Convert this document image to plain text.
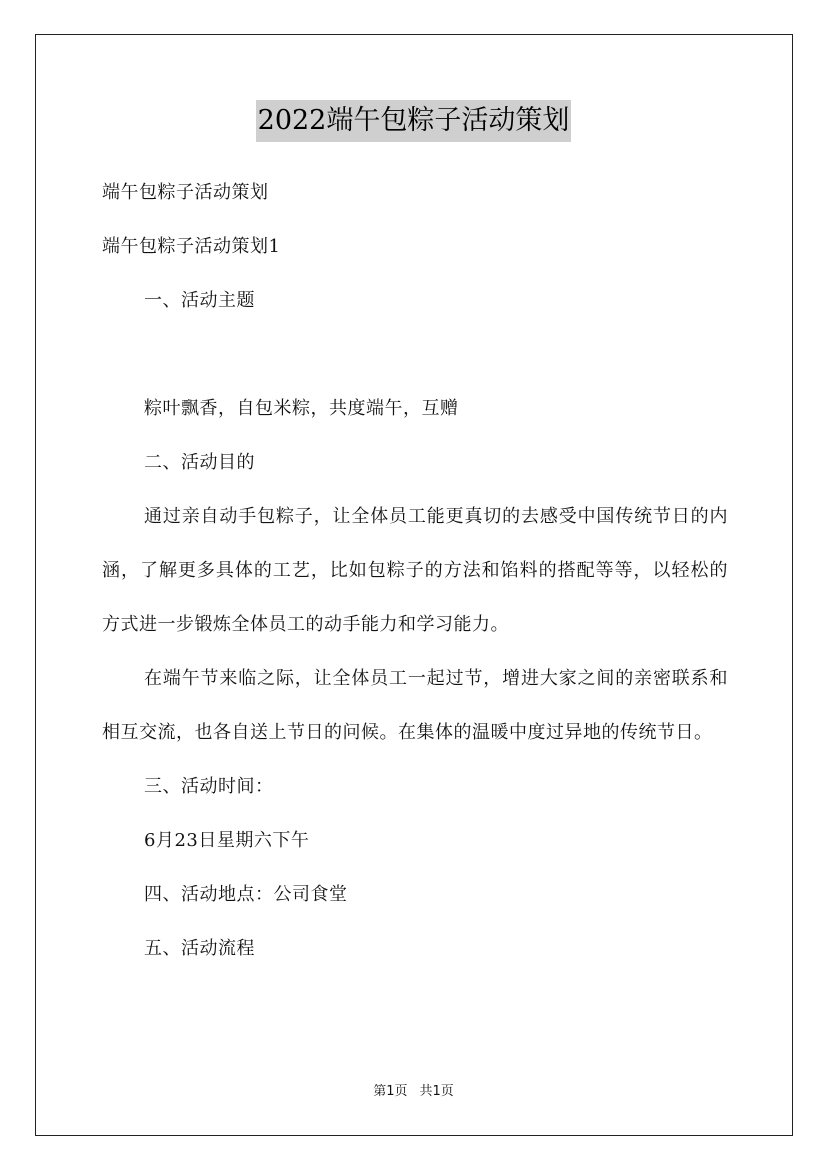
2022端午包粽子活动策划

端午包粽子活动策划

端午包粽子活动策划1

一、活动主题

粽叶飘香，自包米粽，共度端午，互赠

二、活动目的

通过亲自动手包粽子，让全体员工能更真切的去感受中国传统节日的内涵，了解更多具体的工艺，比如包粽子的方法和馅料的搭配等等，以轻松的方式进一步锻炼全体员工的动手能力和学习能力。

在端午节来临之际，让全体员工一起过节，增进大家之间的亲密联系和相互交流，也各自送上节日的问候。在集体的温暖中度过异地的传统节日。

三、活动时间：

6月23日星期六下午

四、活动地点：公司食堂

五、活动流程

第1页 共1页
